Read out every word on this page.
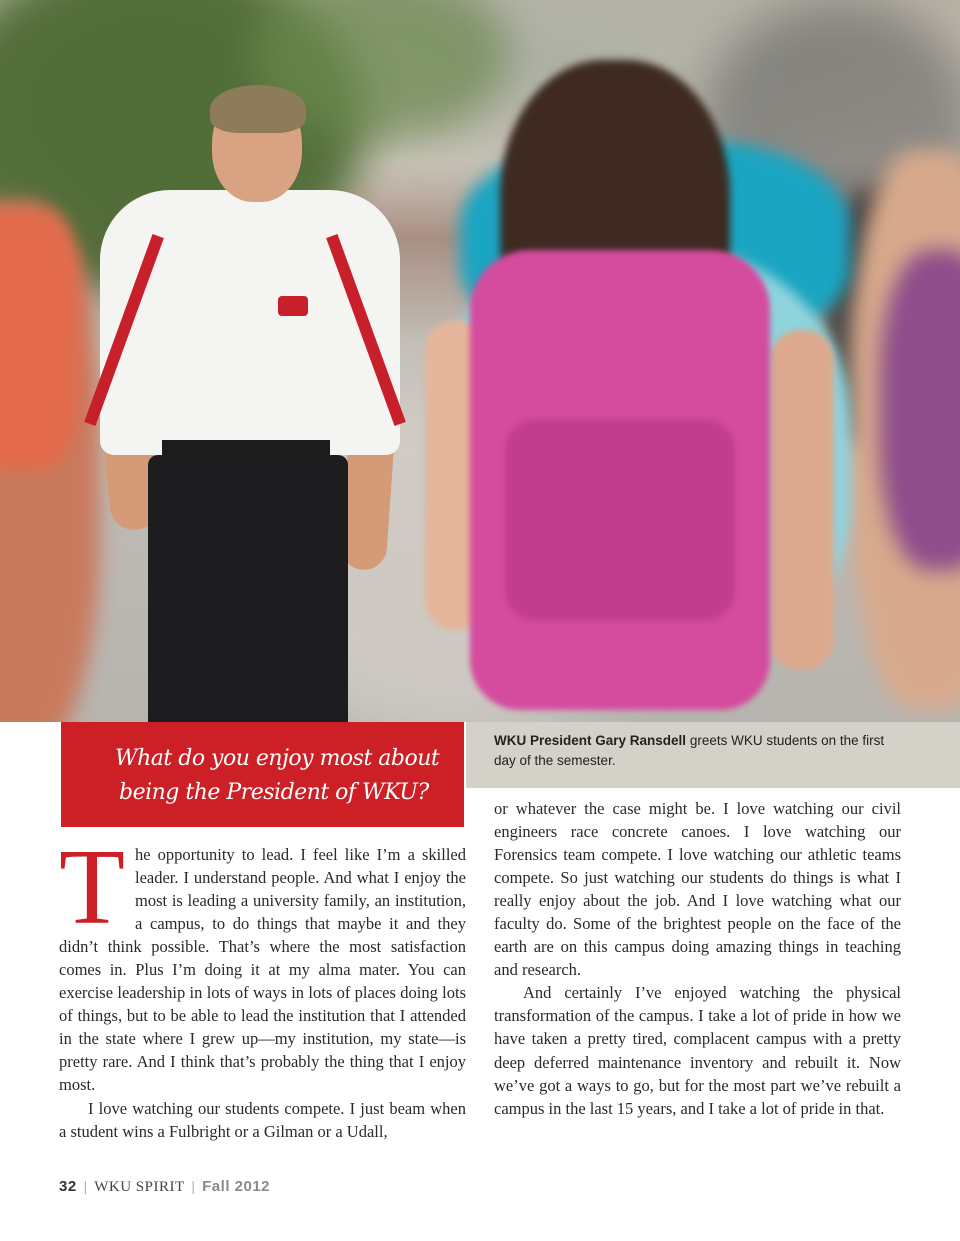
What do you enjoy most about
being the President of WKU?
WKU President Gary Ransdell greets WKU students on the first day of the semester.

The opportunity to lead. I feel like I’m a skilled leader. I understand people. And what I enjoy the most is leading a university family, an institution, a campus, to do things that maybe it and they didn’t think possible. That’s where the most satisfaction comes in. Plus I’m doing it at my alma mater. You can exercise leadership in lots of ways in lots of places doing lots of things, but to be able to lead the institution that I attended in the state where I grew up—my institution, my state—is pretty rare. And I think that’s probably the thing that I enjoy most.

I love watching our students compete. I just beam when a student wins a Fulbright or a Gilman or a Udall,

or whatever the case might be. I love watching our civil engineers race concrete canoes. I love watching our Forensics team compete. I love watching our athletic teams compete. So just watching our students do things is what I really enjoy about the job. And I love watching what our faculty do. Some of the brightest people on the face of the earth are on this campus doing amazing things in teaching and research.

And certainly I’ve enjoyed watching the physical transformation of the campus. I take a lot of pride in how we have taken a pretty tired, complacent campus with a pretty deep deferred maintenance inventory and rebuilt it. Now we’ve got a ways to go, but for the most part we’ve rebuilt a campus in the last 15 years, and I take a lot of pride in that.

32 | WKU SPIRIT | Fall 2012
